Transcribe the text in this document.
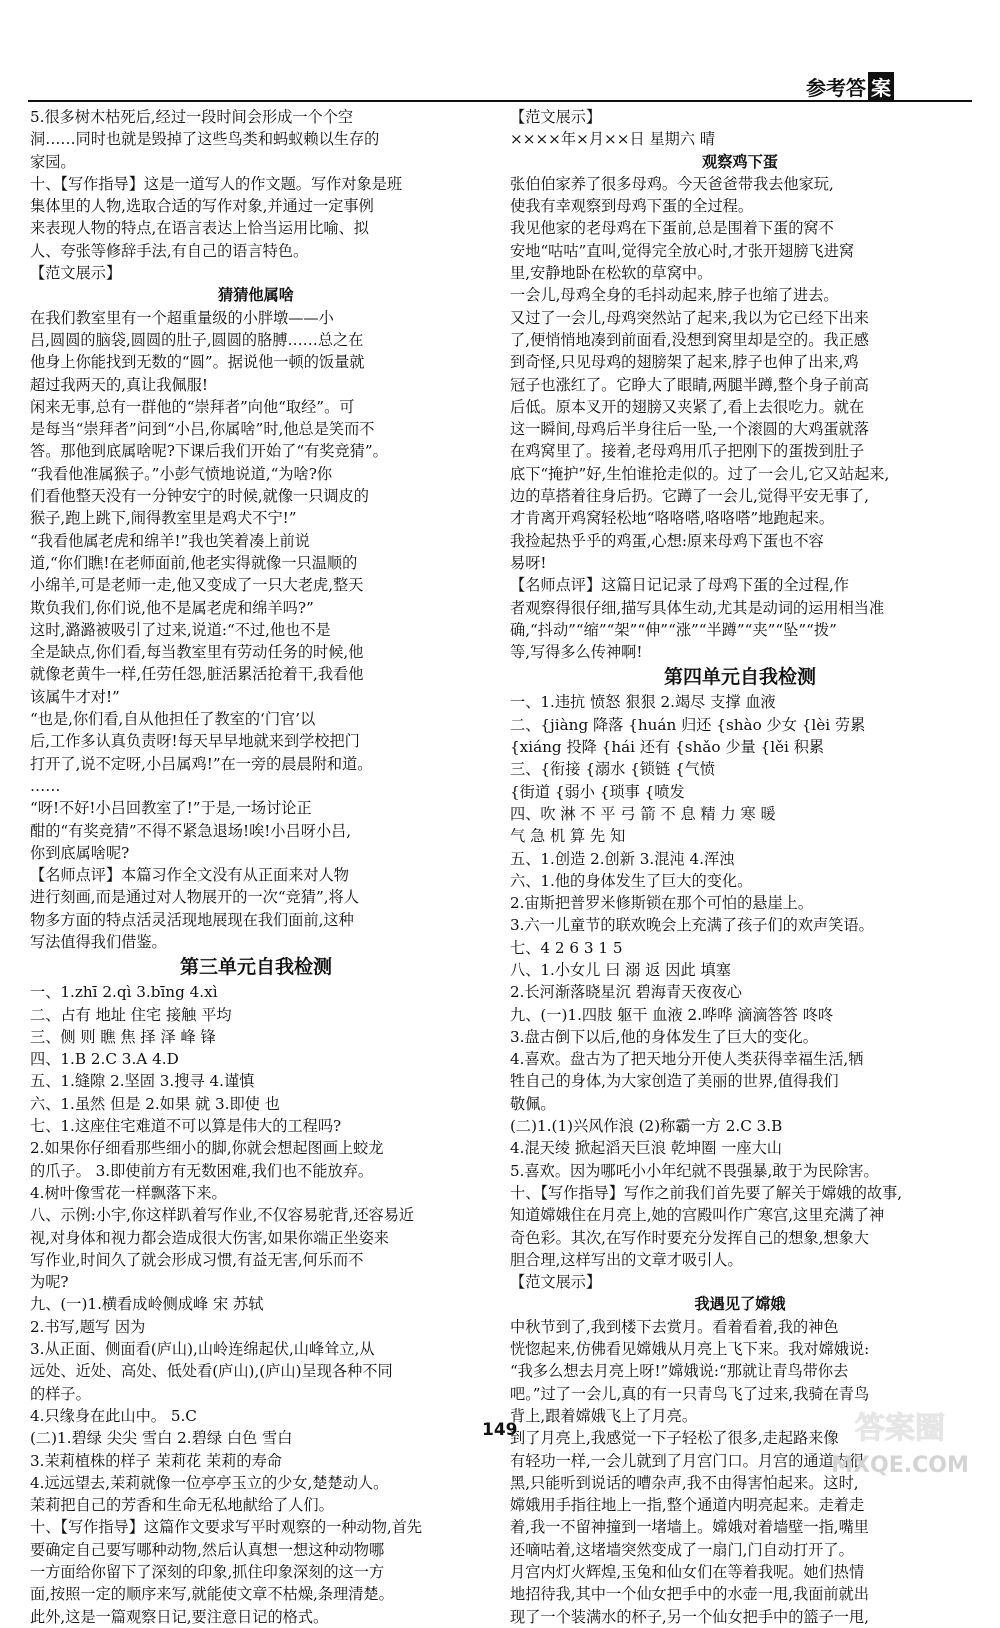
参考答 案

5.很多树木枯死后,经过一段时间会形成一个个空

洞……同时也就是毁掉了这些鸟类和蚂蚁赖以生存的

家园。

十、【写作指导】这是一道写人的作文题。写作对象是班

集体里的人物,选取合适的写作对象,并通过一定事例

来表现人物的特点,在语言表达上恰当运用比喻、拟

人、夸张等修辞手法,有自己的语言特色。

【范文展示】

猜猜他属啥

在我们教室里有一个超重量级的小胖墩——小

吕,圆圆的脑袋,圆圆的肚子,圆圆的胳膊……总之在

他身上你能找到无数的“圆”。据说他一顿的饭量就

超过我两天的,真让我佩服!

闲来无事,总有一群他的“崇拜者”向他“取经”。可

是每当“崇拜者”问到“小吕,你属啥”时,他总是笑而不

答。那他到底属啥呢?下课后我们开始了“有奖竞猜”。

“我看他准属猴子。”小彭气愤地说道,“为啥?你

们看他整天没有一分钟安宁的时候,就像一只调皮的

猴子,跑上跳下,闹得教室里是鸡犬不宁!”

“我看他属老虎和绵羊!”我也笑着凑上前说

道,“你们瞧!在老师面前,他老实得就像一只温顺的

小绵羊,可是老师一走,他又变成了一只大老虎,整天

欺负我们,你们说,他不是属老虎和绵羊吗?”

这时,潞潞被吸引了过来,说道:“不过,他也不是

全是缺点,你们看,每当教室里有劳动任务的时候,他

就像老黄牛一样,任劳任怨,脏活累活抢着干,我看他

该属牛才对!”

“也是,你们看,自从他担任了教室的‘门官’以

后,工作多认真负责呀!每天早早地就来到学校把门

打开了,说不定呀,小吕属鸡!”在一旁的晨晨附和道。

……

“呀!不好!小吕回教室了!”于是,一场讨论正

酣的“有奖竞猜”不得不紧急退场!唉!小吕呀小吕,

你到底属啥呢?

【名师点评】本篇习作全文没有从正面来对人物

进行刻画,而是通过对人物展开的一次“竞猜”,将人

物多方面的特点活灵活现地展现在我们面前,这种

写法值得我们借鉴。

第三单元自我检测

一、1.zhī 2.qì 3.bīng 4.xì

二、占有 地址 住宅 接触 平均

三、侧 则 瞧 焦 择 泽 峰 锋

四、1.B 2.C 3.A 4.D

五、1.缝隙 2.坚固 3.搜寻 4.谨慎

六、1.虽然 但是 2.如果 就 3.即使 也

七、1.这座住宅难道不可以算是伟大的工程吗?

2.如果你仔细看那些细小的脚,你就会想起图画上蛟龙

的爪子。 3.即使前方有无数困难,我们也不能放弃。

4.树叶像雪花一样飘落下来。

八、示例:小宇,你这样趴着写作业,不仅容易驼背,还容易近

视,对身体和视力都会造成很大伤害,如果你端正坐姿来

写作业,时间久了就会形成习惯,有益无害,何乐而不

为呢?

九、(一)1.横看成岭侧成峰 宋 苏轼

2.书写,题写 因为

3.从正面、侧面看(庐山),山岭连绵起伏,山峰耸立,从

远处、近处、高处、低处看(庐山),(庐山)呈现各种不同

的样子。

4.只缘身在此山中。 5.C

(二)1.碧绿 尖尖 雪白 2.碧绿 白色 雪白

3.茉莉植株的样子 茉莉花 茉莉的寿命

4.远远望去,茉莉就像一位亭亭玉立的少女,楚楚动人。

茉莉把自己的芳香和生命无私地献给了人们。

十、【写作指导】这篇作文要求写平时观察的一种动物,首先

要确定自己要写哪种动物,然后认真想一想这种动物哪

一方面给你留下了深刻的印象,抓住印象深刻的这一方

面,按照一定的顺序来写,就能使文章不枯燥,条理清楚。

此外,这是一篇观察日记,要注意日记的格式。

【范文展示】

××××年×月××日 星期六 晴

观察鸡下蛋

张伯伯家养了很多母鸡。今天爸爸带我去他家玩,

使我有幸观察到母鸡下蛋的全过程。

我见他家的老母鸡在下蛋前,总是围着下蛋的窝不

安地“咕咕”直叫,觉得完全放心时,才张开翅膀飞进窝

里,安静地卧在松软的草窝中。

一会儿,母鸡全身的毛抖动起来,脖子也缩了进去。

又过了一会儿,母鸡突然站了起来,我以为它已经下出来

了,便悄悄地凑到前面看,没想到窝里却是空的。我正感

到奇怪,只见母鸡的翅膀架了起来,脖子也伸了出来,鸡

冠子也涨红了。它睁大了眼睛,两腿半蹲,整个身子前高

后低。原本叉开的翅膀又夹紧了,看上去很吃力。就在

这一瞬间,母鸡后半身往后一坠,一个滚圆的大鸡蛋就落

在鸡窝里了。接着,老母鸡用爪子把刚下的蛋拨到肚子

底下“掩护”好,生怕谁抢走似的。过了一会儿,它又站起来,

边的草搭着往身后扔。它蹲了一会儿,觉得平安无事了,

才肯离开鸡窝轻松地“咯咯嗒,咯咯嗒”地跑起来。

我捡起热乎乎的鸡蛋,心想:原来母鸡下蛋也不容

易呀!

【名师点评】这篇日记记录了母鸡下蛋的全过程,作

者观察得很仔细,描写具体生动,尤其是动词的运用相当准

确,“抖动”“缩”“架”“伸”“涨”“半蹲”“夹”“坠”“拨”

等,写得多么传神啊!

第四单元自我检测

一、1.违抗 愤怒 狠狠 2.竭尽 支撑 血液

二、{jiàng 降落 {huán 归还 {shào 少女 {lèi 劳累

{xiáng 投降 {hái 还有 {shǎo 少量 {lěi 积累

三、{衔接 {溺水 {锁链 {气愤

{街道 {弱小 {琐事 {喷发

四、吹 淋 不 平 弓 箭 不 息 精 力 寒 暖

气 急 机 算 先 知

五、1.创造 2.创新 3.混沌 4.浑浊

六、1.他的身体发生了巨大的变化。

2.宙斯把普罗米修斯锁在那个可怕的悬崖上。

3.六一儿童节的联欢晚会上充满了孩子们的欢声笑语。

七、4 2 6 3 1 5

八、1.小女儿 曰 溺 返 因此 填塞

2.长河渐落晓星沉 碧海青天夜夜心

九、(一)1.四肢 躯干 血液 2.哗哗 滴滴答答 咚咚

3.盘古倒下以后,他的身体发生了巨大的变化。

4.喜欢。盘古为了把天地分开使人类获得幸福生活,牺

牲自己的身体,为大家创造了美丽的世界,值得我们

敬佩。

(二)1.(1)兴风作浪 (2)称霸一方 2.C 3.B

4.混天绫 掀起滔天巨浪 乾坤圈 一座大山

5.喜欢。因为哪吒小小年纪就不畏强暴,敢于为民除害。

十、【写作指导】写作之前我们首先要了解关于嫦娥的故事,

知道嫦娥住在月亮上,她的宫殿叫作广寒宫,这里充满了神

奇色彩。其次,在写作时要充分发挥自己的想象,想象大

胆合理,这样写出的文章才吸引人。

【范文展示】

我遇见了嫦娥

中秋节到了,我到楼下去赏月。看着看着,我的神色

恍惚起来,仿佛看见嫦娥从月亮上飞下来。我对嫦娥说:

“我多么想去月亮上呀!”嫦娥说:“那就让青鸟带你去

吧。”过了一会儿,真的有一只青鸟飞了过来,我骑在青鸟

背上,跟着嫦娥飞上了月亮。

到了月亮上,我感觉一下子轻松了很多,走起路来像

有轻功一样,一会儿就到了月宫门口。月宫的通道内很

黑,只能听到说话的嘈杂声,我不由得害怕起来。这时,

嫦娥用手指往地上一指,整个通道内明亮起来。走着走

着,我一不留神撞到一堵墙上。嫦娥对着墙壁一指,嘴里

还嘀咕着,这堵墙突然变成了一扇门,门自动打开了。

月宫内灯火辉煌,玉兔和仙女们在等着我呢。她们热情

地招待我,其中一个仙女把手中的水壶一甩,我面前就出

现了一个装满水的杯子,另一个仙女把手中的篮子一甩,

149	答案圈
MXQE.COM
